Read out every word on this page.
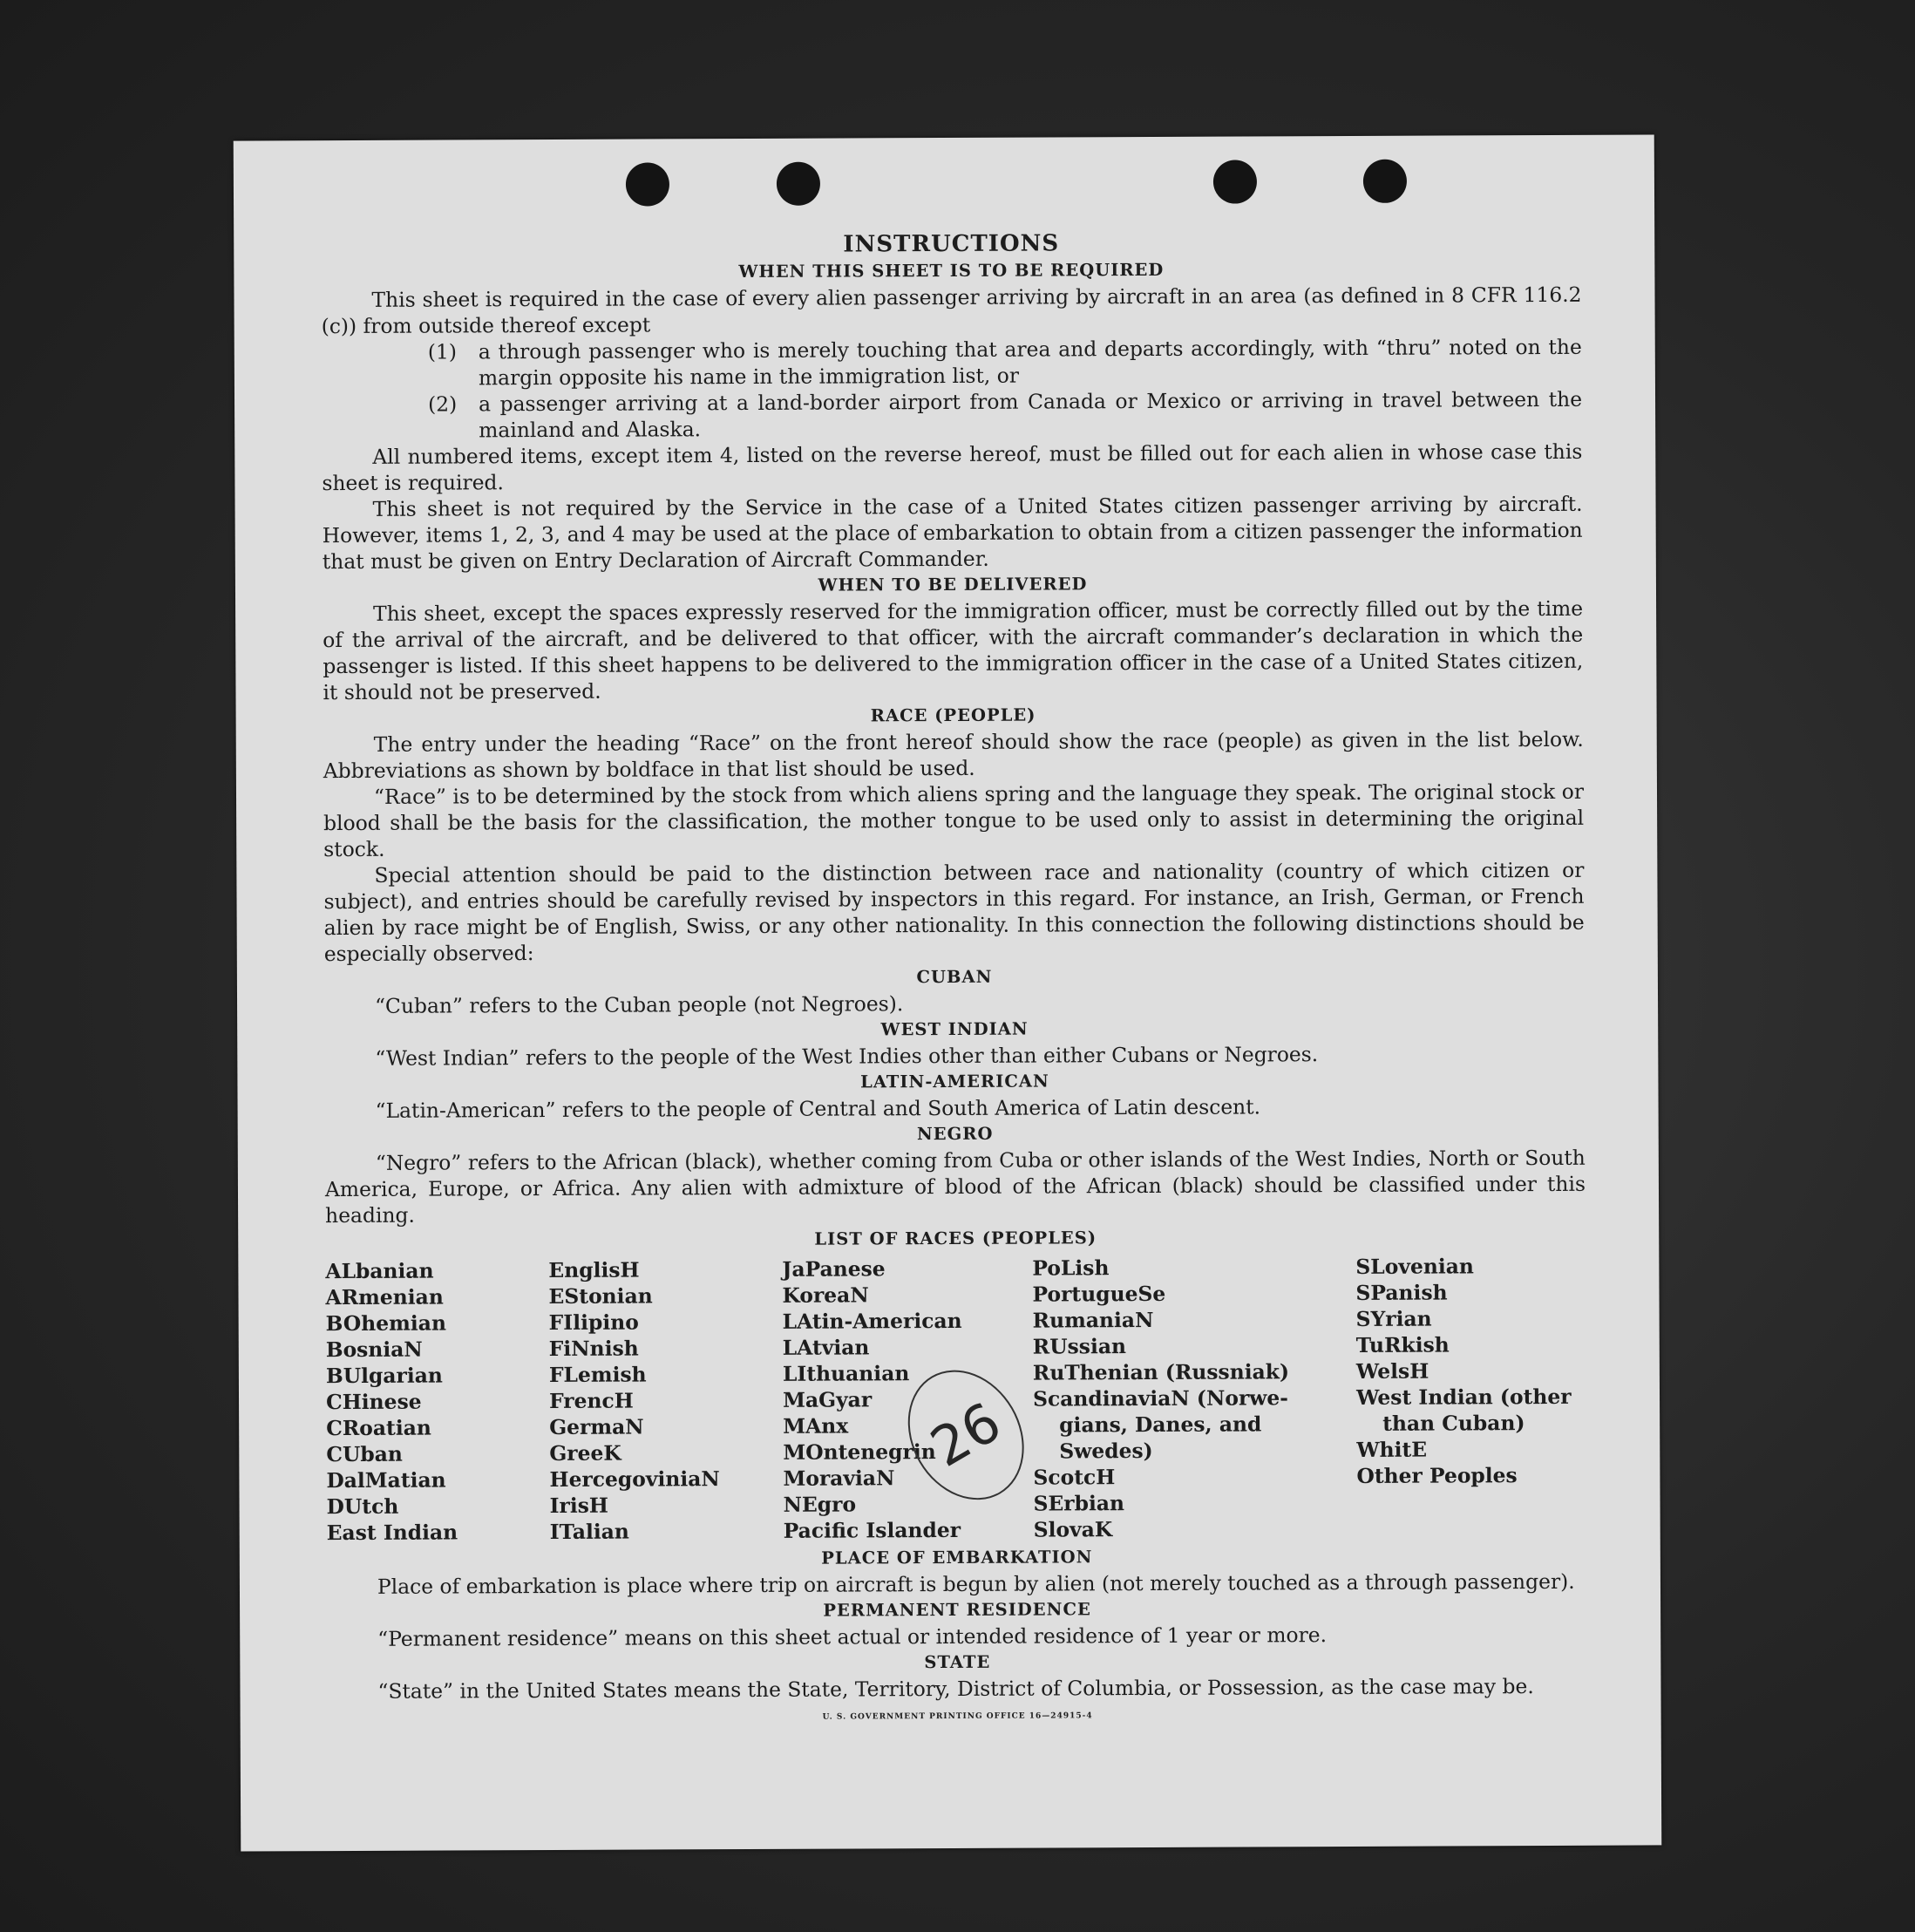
INSTRUCTIONS
WHEN THIS SHEET IS TO BE REQUIRED

This sheet is required in the case of every alien passenger arriving by aircraft in an area (as defined in 8 CFR 116.2 (c)) from outside thereof except

(1)	a through passenger who is merely touching that area and departs accordingly, with “thru” noted on the margin opposite his name in the immigration list, or
(2)	a passenger arriving at a land-border airport from Canada or Mexico or arriving in travel between the mainland and Alaska.

All numbered items, except item 4, listed on the reverse hereof, must be filled out for each alien in whose case this sheet is required.

This sheet is not required by the Service in the case of a United States citizen passenger arriving by aircraft. However, items 1, 2, 3, and 4 may be used at the place of embarkation to obtain from a citizen passenger the information that must be given on Entry Declaration of Aircraft Commander.

WHEN TO BE DELIVERED

This sheet, except the spaces expressly reserved for the immigration officer, must be correctly filled out by the time of the arrival of the aircraft, and be delivered to that officer, with the aircraft commander’s declaration in which the passenger is listed. If this sheet happens to be delivered to the immigration officer in the case of a United States citizen, it should not be preserved.

RACE (PEOPLE)

The entry under the heading “Race” on the front hereof should show the race (people) as given in the list below. Abbreviations as shown by boldface in that list should be used.

“Race” is to be determined by the stock from which aliens spring and the language they speak. The original stock or blood shall be the basis for the classification, the mother tongue to be used only to assist in determining the original stock.

Special attention should be paid to the distinction between race and nationality (country of which citizen or subject), and entries should be carefully revised by inspectors in this regard. For instance, an Irish, German, or French alien by race might be of English, Swiss, or any other nationality. In this connection the following distinctions should be especially observed:

CUBAN

“Cuban” refers to the Cuban people (not Negroes).

WEST INDIAN

“West Indian” refers to the people of the West Indies other than either Cubans or Negroes.

LATIN-AMERICAN

“Latin-American” refers to the people of Central and South America of Latin descent.

NEGRO

“Negro” refers to the African (black), whether coming from Cuba or other islands of the West Indies, North or South America, Europe, or Africa. Any alien with admixture of blood of the African (black) should be classified under this heading.

LIST OF RACES (PEOPLES)
ALbanian
ARmenian
BOhemian
BosniaN
BUlgarian
CHinese
CRoatian
CUban
DalMatian
DUtch
East Indian
EnglisH
EStonian
FIlipino
FiNnish
FLemish
FrencH
GermaN
GreeK
HercegoviniaN
IrisH
ITalian
JaPanese
KoreaN
LAtin-American
LAtvian
LIthuanian
MaGyar
MAnx
MOntenegrin
MoraviaN
NEgro
Pacific Islander
PoLish
PortugueSe
RumaniaN
RUssian
RuThenian (Russniak)
ScandinaviaN (Norwe-
gians, Danes, and
Swedes)
ScotcH
SErbian
SlovaK
SLovenian
SPanish
SYrian
TuRkish
WelsH
West Indian (other
than Cuban)
WhitE
Other Peoples
PLACE OF EMBARKATION

Place of embarkation is place where trip on aircraft is begun by alien (not merely touched as a through passenger).

PERMANENT RESIDENCE

“Permanent residence” means on this sheet actual or intended residence of 1 year or more.

STATE

“State” in the United States means the State, Territory, District of Columbia, or Possession, as the case may be.

U. S. GOVERNMENT PRINTING OFFICE 16—24915-4
26
